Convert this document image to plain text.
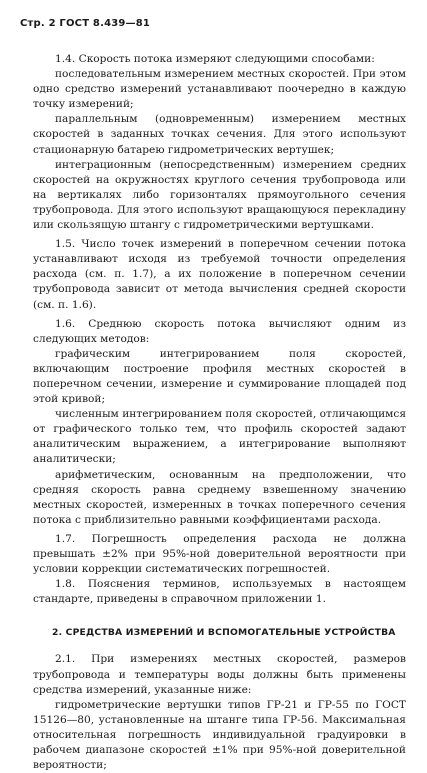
Стр. 2 ГОСТ 8.439—81

1.4. Скорость потока измеряют следующими способами:

последовательным измерением местных скоростей. При этом одно средство измерений устанавливают поочередно в каждую точку измерений;

параллельным (одновременным) измерением местных скоростей в заданных точках сечения. Для этого используют стационарную батарею гидрометрических вертушек;

интеграционным (непосредственным) измерением средних скоростей на окружностях круглого сечения трубопровода или на вертикалях либо горизонталях прямоугольного сечения трубопровода. Для этого используют вращающуюся перекладину или скользящую штангу с гидрометрическими вертушками.

1.5. Число точек измерений в поперечном сечении потока устанавливают исходя из требуемой точности определения расхода (см. п. 1.7), а их положение в поперечном сечении трубопровода зависит от метода вычисления средней скорости (см. п. 1.6).

1.6. Среднюю скорость потока вычисляют одним из следующих методов:

графическим интегрированием поля скоростей, включающим построение профиля местных скоростей в поперечном сечении, измерение и суммирование площадей под этой кривой;

численным интегрированием поля скоростей, отличающимся от графического только тем, что профиль скоростей задают аналитическим выражением, а интегрирование выполняют аналитически;

арифметическим, основанным на предположении, что средняя скорость равна среднему взвешенному значению местных скоростей, измеренных в точках поперечного сечения потока с приблизительно равными коэффициентами расхода.

1.7. Погрешность определения расхода не должна превышать ±2% при 95%-ной доверительной вероятности при условии коррекции систематических погрешностей.

1.8. Пояснения терминов, используемых в настоящем стандарте, приведены в справочном приложении 1.

2. СРЕДСТВА ИЗМЕРЕНИЙ И ВСПОМОГАТЕЛЬНЫЕ УСТРОЙСТВА

2.1. При измерениях местных скоростей, размеров трубопровода и температуры воды должны быть применены средства измерений, указанные ниже:

гидрометрические вертушки типов ГР-21 и ГР-55 по ГОСТ 15126—80, установленные на штанге типа ГР-56. Максимальная относительная погрешность индивидуальной градуировки в рабочем диапазоне скоростей ±1% при 95%-ной доверительной вероятности;
